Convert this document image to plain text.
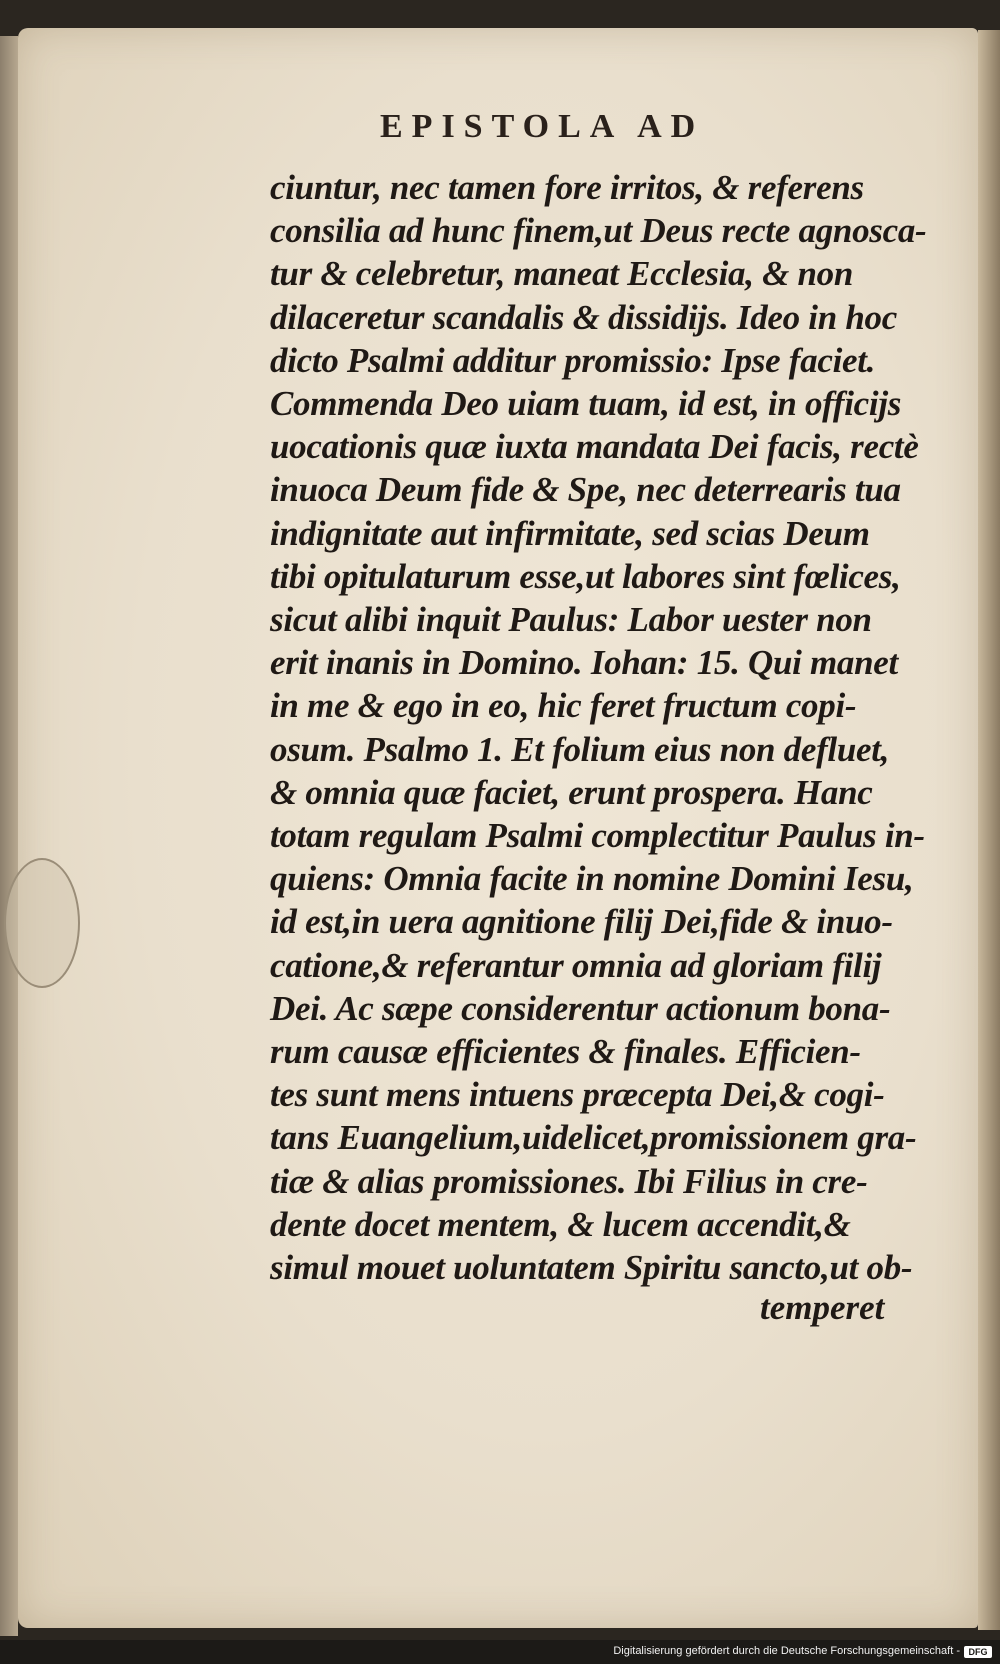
EPISTOLA AD
ciuntur, nec tamen fore irritos, & referens
consilia ad hunc finem,ut Deus recte agnosca-
tur & celebretur, maneat Ecclesia, & non
dilaceretur scandalis & dissidijs. Ideo in hoc
dicto Psalmi additur promissio: Ipse faciet.
Commenda Deo uiam tuam, id est, in officijs
uocationis quæ iuxta mandata Dei facis, rectè
inuoca Deum fide & Spe, nec deterrearis tua
indignitate aut infirmitate, sed scias Deum
tibi opitulaturum esse,ut labores sint fœlices,
sicut alibi inquit Paulus: Labor uester non
erit inanis in Domino. Iohan: 15. Qui manet
in me & ego in eo, hic feret fructum copi-
osum. Psalmo 1. Et folium eius non defluet,
& omnia quæ faciet, erunt prospera. Hanc
totam regulam Psalmi complectitur Paulus in-
quiens: Omnia facite in nomine Domini Iesu,
id est,in uera agnitione filij Dei,fide & inuo-
catione,& referantur omnia ad gloriam filij
Dei. Ac sæpe considerentur actionum bona-
rum causæ efficientes & finales. Efficien-
tes sunt mens intuens præcepta Dei,& cogi-
tans Euangelium,uidelicet,promissionem gra-
tiæ & alias promissiones. Ibi Filius in cre-
dente docet mentem, & lucem accendit,&
simul mouet uoluntatem Spiritu sancto,ut ob-
temperet
Digitalisierung gefördert durch die Deutsche Forschungsgemeinschaft - DFG
